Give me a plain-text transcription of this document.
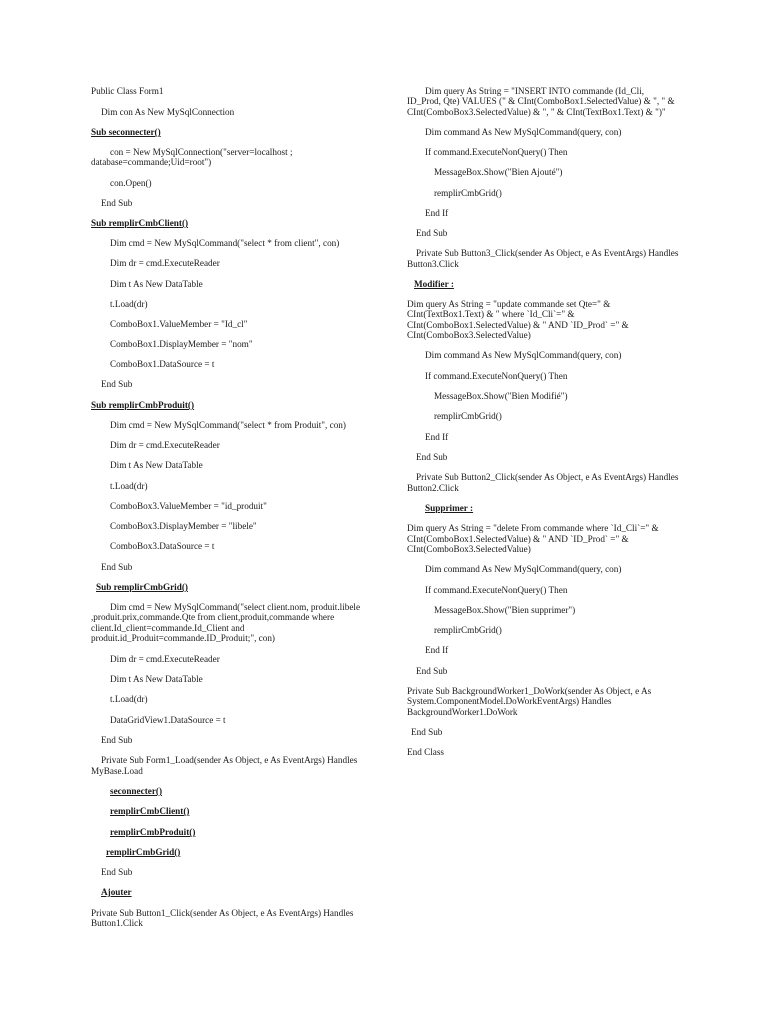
Public Class Form1
Dim con As New MySqlConnection
Sub seconnecter()
con = New MySqlConnection("server=localhost ;
database=commande;Uid=root")
con.Open()
End Sub
Sub remplirCmbClient()
Dim cmd = New MySqlCommand("select * from client", con)
Dim dr = cmd.ExecuteReader
Dim t As New DataTable
t.Load(dr)
ComboBox1.ValueMember = "Id_cl"
ComboBox1.DisplayMember = "nom"
ComboBox1.DataSource = t
End Sub
Sub remplirCmbProduit()
Dim cmd = New MySqlCommand("select * from Produit", con)
Dim dr = cmd.ExecuteReader
Dim t As New DataTable
t.Load(dr)
ComboBox3.ValueMember = "id_produit"
ComboBox3.DisplayMember = "libele"
ComboBox3.DataSource = t
End Sub
Sub remplirCmbGrid()
Dim cmd = New MySqlCommand("select client.nom, produit.libele
,produit.prix,commande.Qte from client,produit,commande where
client.Id_client=commande.Id_Client and
produit.id_Produit=commande.ID_Produit;", con)
Dim dr = cmd.ExecuteReader
Dim t As New DataTable
t.Load(dr)
DataGridView1.DataSource = t
End Sub
Private Sub Form1_Load(sender As Object, e As EventArgs) Handles
MyBase.Load
seconnecter()
remplirCmbClient()
remplirCmbProduit()
remplirCmbGrid()
End Sub
Ajouter
Private Sub Button1_Click(sender As Object, e As EventArgs) Handles
Button1.Click
Dim query As String = "INSERT INTO commande (Id_Cli,
ID_Prod, Qte) VALUES (" & CInt(ComboBox1.SelectedValue) & ", " &
CInt(ComboBox3.SelectedValue) & ", " & CInt(TextBox1.Text) & ")"
Dim command As New MySqlCommand(query, con)
If command.ExecuteNonQuery() Then
MessageBox.Show("Bien Ajouté")
remplirCmbGrid()
End If
End Sub
Private Sub Button3_Click(sender As Object, e As EventArgs) Handles
Button3.Click
Modifier :
Dim query As String = "update commande set Qte=" &
CInt(TextBox1.Text) & " where `Id_Cli`=" &
CInt(ComboBox1.SelectedValue) & " AND `ID_Prod` =" &
CInt(ComboBox3.SelectedValue)
Dim command As New MySqlCommand(query, con)
If command.ExecuteNonQuery() Then
MessageBox.Show("Bien Modifié")
remplirCmbGrid()
End If
End Sub
Private Sub Button2_Click(sender As Object, e As EventArgs) Handles
Button2.Click
Supprimer :
Dim query As String = "delete From commande where `Id_Cli`=" &
CInt(ComboBox1.SelectedValue) & " AND `ID_Prod` =" &
CInt(ComboBox3.SelectedValue)
Dim command As New MySqlCommand(query, con)
If command.ExecuteNonQuery() Then
MessageBox.Show("Bien supprimer")
remplirCmbGrid()
End If
End Sub
Private Sub BackgroundWorker1_DoWork(sender As Object, e As
System.ComponentModel.DoWorkEventArgs) Handles
BackgroundWorker1.DoWork
End Sub
End Class
